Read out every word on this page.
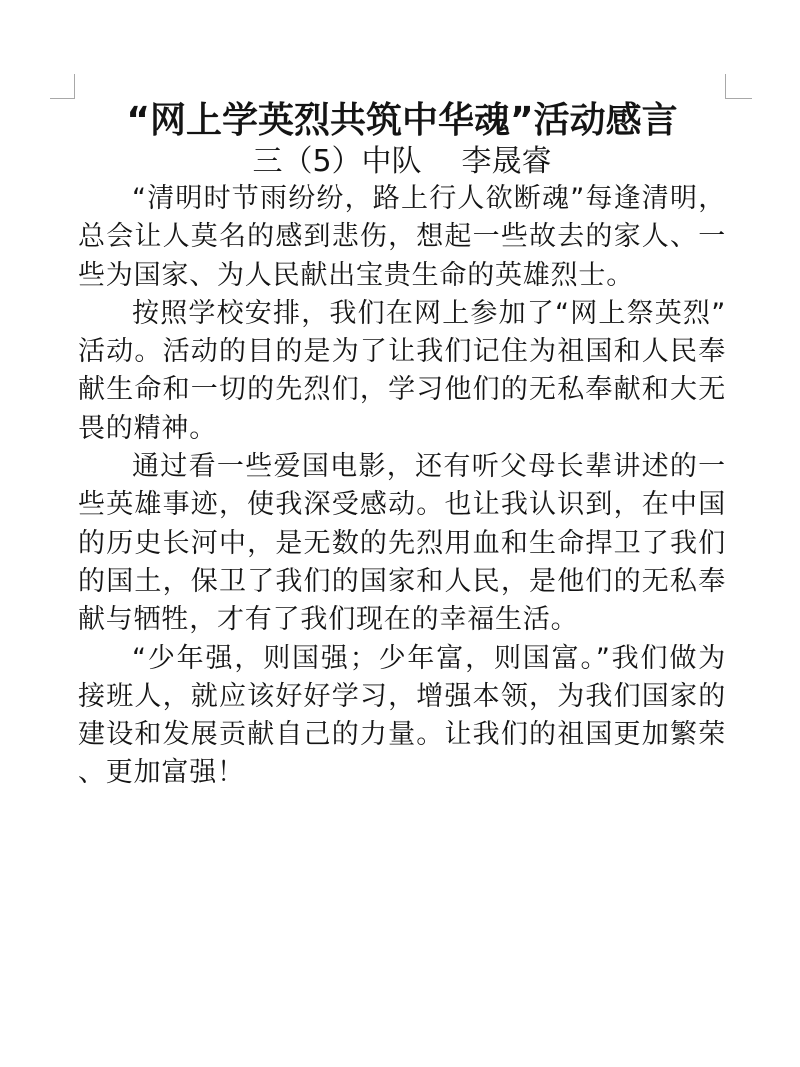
“网上学英烈共筑中华魂”活动感言
三（5）中队 李晟睿

“清明时节雨纷纷，路上行人欲断魂”每逢清明，总会让人莫名的感到悲伤，想起一些故去的家人、一些为国家、为人民献出宝贵生命的英雄烈士。

按照学校安排，我们在网上参加了“网上祭英烈”活动。活动的目的是为了让我们记住为祖国和人民奉献生命和一切的先烈们，学习他们的无私奉献和大无畏的精神。

通过看一些爱国电影，还有听父母长辈讲述的一些英雄事迹，使我深受感动。也让我认识到，在中国的历史长河中，是无数的先烈用血和生命捍卫了我们的国土，保卫了我们的国家和人民，是他们的无私奉献与牺牲，才有了我们现在的幸福生活。

“少年强，则国强；少年富，则国富。”我们做为接班人，就应该好好学习，增强本领，为我们国家的建设和发展贡献自己的力量。让我们的祖国更加繁荣、更加富强！
